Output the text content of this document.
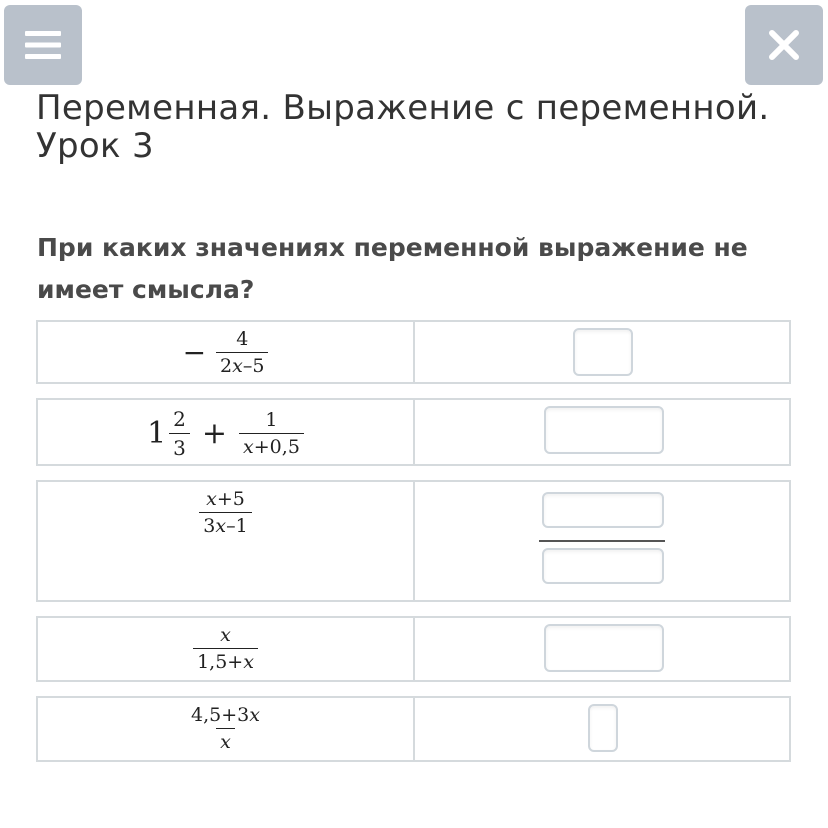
Переменная. Выражение с переменной. Урок 3

При каких значениях переменной выражение не имеет смысла?

− $\frac{4}{2x-5}$
$1 \frac{2}{3} + \frac{1}{x+0,5}$
$\frac{x+5}{3x-1}$
$\frac{x}{1,5+x}$
$\frac{4,5+3x}{x}$
